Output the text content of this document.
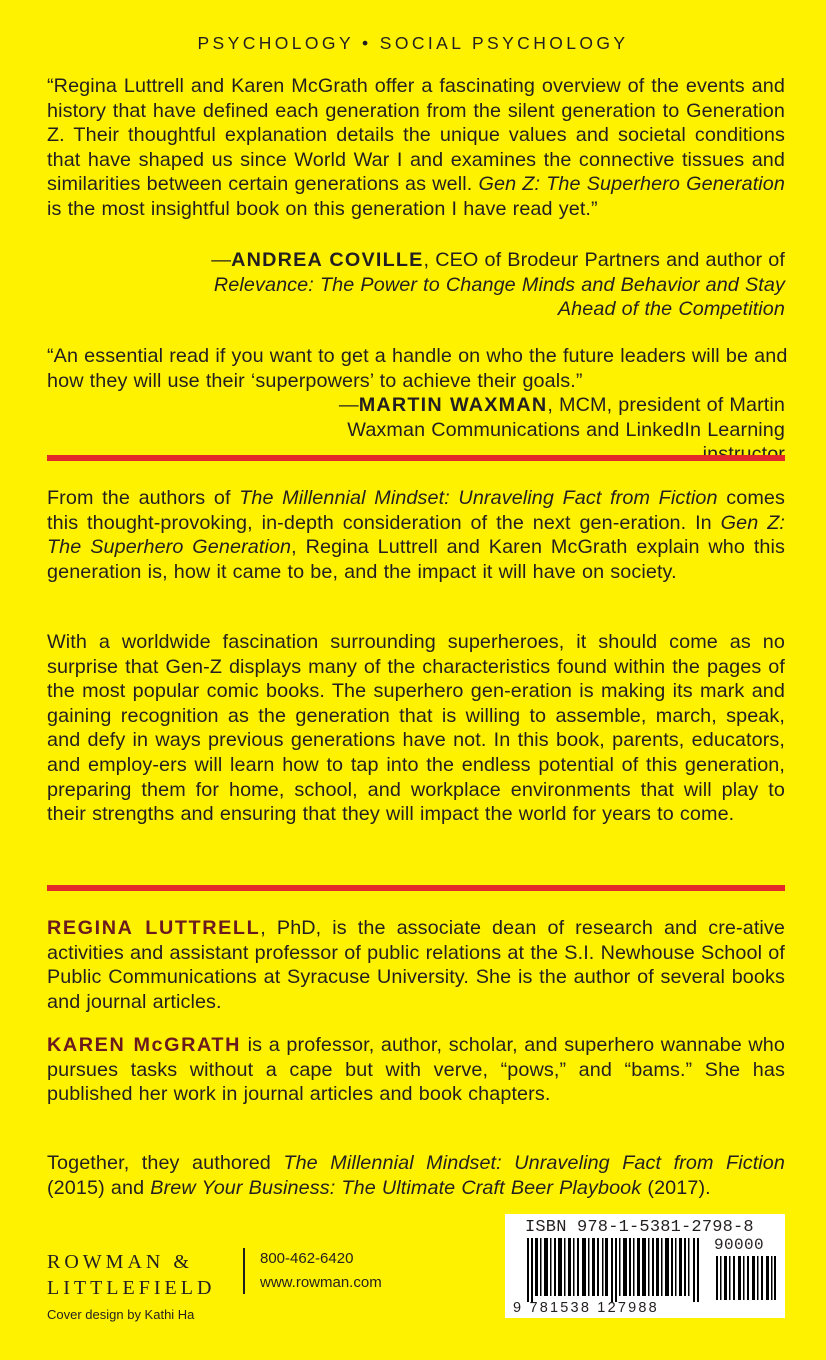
PSYCHOLOGY • SOCIAL PSYCHOLOGY
“Regina Luttrell and Karen McGrath offer a fascinating overview of the events and history that have defined each generation from the silent generation to Generation Z. Their thoughtful explanation details the unique values and societal conditions that have shaped us since World War I and examines the connective tissues and similarities between certain generations as well. Gen Z: The Superhero Generation is the most insightful book on this generation I have read yet.”
—ANDREA COVILLE, CEO of Brodeur Partners and author of Relevance: The Power to Change Minds and Behavior and Stay Ahead of the Competition
“An essential read if you want to get a handle on who the future leaders will be and how they will use their ‘superpowers’ to achieve their goals.”
—MARTIN WAXMAN, MCM, president of Martin Waxman Communications and LinkedIn Learning
From the authors of The Millennial Mindset: Unraveling Fact from Fiction comes this thought-provoking, in-depth consideration of the next gen-eration. In Gen Z: The Superhero Generation, Regina Luttrell and Karen McGrath explain who this generation is, how it came to be, and the impact it will have on society.
With a worldwide fascination surrounding superheroes, it should come as no surprise that Gen-Z displays many of the characteristics found within the pages of the most popular comic books. The superhero gen-eration is making its mark and gaining recognition as the generation that is willing to assemble, march, speak, and defy in ways previous generations have not. In this book, parents, educators, and employ-ers will learn how to tap into the endless potential of this generation, preparing them for home, school, and workplace environments that will play to their strengths and ensuring that they will impact the world for years to come.
REGINA LUTTRELL, PhD, is the associate dean of research and cre-ative activities and assistant professor of public relations at the S.I. Newhouse School of Public Communications at Syracuse University. She is the author of several books and journal articles.
KAREN McGRATH is a professor, author, scholar, and superhero wannabe who pursues tasks without a cape but with verve, “pows,” and “bams.” She has published her work in journal articles and book chapters.
Together, they authored The Millennial Mindset: Unraveling Fact from Fiction (2015) and Brew Your Business: The Ultimate Craft Beer Playbook (2017).
ROWMAN &
LITTLEFIELD
800-462-6420
www.rowman.com
Cover design by Kathi Ha
ISBN 978-1-5381-2798-8
90000
9 781538 127988
